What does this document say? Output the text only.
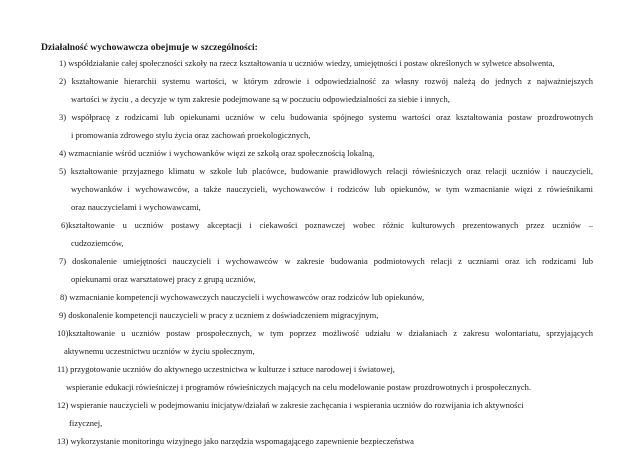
Działalność wychowawcza obejmuje w szczególności:
1) współdziałanie całej społeczności szkoły na rzecz kształtowania u uczniów wiedzy, umiejętności i postaw określonych w sylwetce absolwenta,
2) kształtowanie hierarchii systemu wartości, w którym zdrowie i odpowiedzialność za własny rozwój należą do jednych z najważniejszych
wartości w życiu , a decyzje w tym zakresie podejmowane są w poczuciu odpowiedzialności za siebie i innych,
3) współpracę z rodzicami lub opiekunami uczniów w celu budowania spójnego systemu wartości oraz kształtowania postaw prozdrowotnych
i promowania zdrowego stylu życia oraz zachowań proekologicznych,
4) wzmacnianie wśród uczniów i wychowanków więzi ze szkołą oraz społecznością lokalną,
5) kształtowanie przyjaznego klimatu w szkole lub placówce, budowanie prawidłowych relacji rówieśniczych oraz relacji uczniów i nauczycieli,
wychowanków i wychowawców, a także nauczycieli, wychowawców i rodziców lub opiekunów, w tym wzmacnianie więzi z rówieśnikami
oraz nauczycielami i wychowawcami,
6)kształtowanie u uczniów postawy akceptacji i ciekawości poznawczej wobec różnic kulturowych prezentowanych przez uczniów –
cudzoziemców,
7) doskonalenie umiejętności nauczycieli i wychowawców w zakresie budowania podmiotowych relacji z uczniami oraz ich rodzicami lub
opiekunami oraz warsztatowej pracy z grupą uczniów,
8) wzmacnianie kompetencji wychowawczych nauczycieli i wychowawców oraz rodziców lub opiekunów,
9) doskonalenie kompetencji nauczycieli w pracy z uczniem z doświadczeniem migracyjnym,
10)kształtowanie u uczniów postaw prospołecznych, w tym poprzez możliwość udziału w działaniach z zakresu wolontariatu, sprzyjających
aktywnemu uczestnictwu uczniów w życiu społecznym,
11) przygotowanie uczniów do aktywnego uczestnictwa w kulturze i sztuce narodowej i światowej,
wspieranie edukacji rówieśniczej i programów rówieśniczych mających na celu modelowanie postaw prozdrowotnych i prospołecznych.
12) wspieranie nauczycieli w podejmowaniu inicjatyw/działań w zakresie zachęcania i wspierania uczniów do rozwijania ich aktywności
fizycznej,
13) wykorzystanie monitoringu wizyjnego jako narzędzia wspomagającego zapewnienie bezpieczeństwa
